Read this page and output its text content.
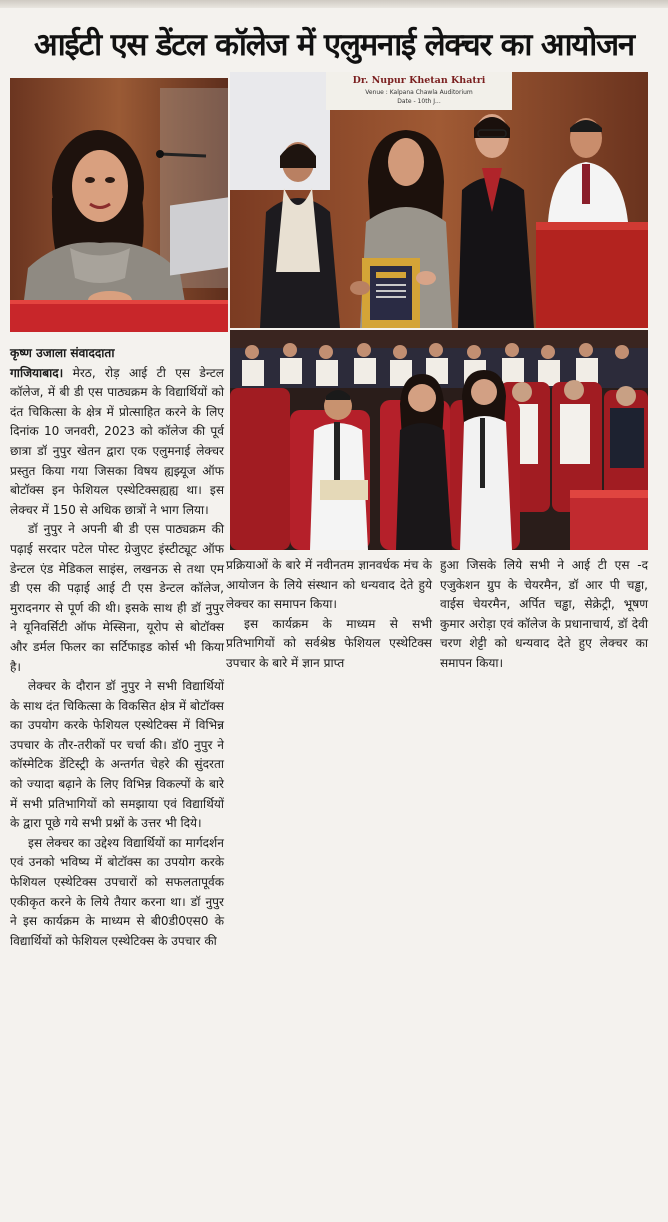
आईटी एस डेंटल कॉलेज में एलुमनाई लेक्चर का आयोजन
Dr. Nupur Khetan Khatri
Venue : Kalpana Chawla Auditorium
Date - 10th J...

कृष्ण उजाला संवाददाता
गाजियाबाद। मेरठ, रोड़ आई टी एस डेन्टल कॉलेज, में बी डी एस पाठ्यक्रम के विद्यार्थियों को दंत चिकित्सा के क्षेत्र में प्रोत्साहित करने के लिए दिनांक 10 जनवरी, 2023 को कॉलेज की पूर्व छात्रा डॉ नुपुर खेतन द्वारा एक एलुमनाई लेक्चर प्रस्तुत किया गया जिसका विषय ह्यझ्यूज ऑफ बोटॉक्स इन फेशियल एस्थेटिक्सह्यह्य था। इस लेक्चर में 150 से अधिक छात्रों ने भाग लिया।

डॉ नुपुर ने अपनी बी डी एस पाठ्यक्रम की पढ़ाई सरदार पटेल पोस्ट ग्रेजुएट इंस्टीट्यूट ऑफ डेन्टल एंड मेडिकल साइंस, लखनऊ से तथा एम डी एस की पढ़ाई आई टी एस डेन्टल कॉलेज, मुरादनगर से पूर्ण की थी। इसके साथ ही डॉ नुपुर ने यूनिवर्सिटी ऑफ मेस्सिना, यूरोप से बोटॉक्स और डर्मल फिलर का सर्टिफाइड कोर्स भी किया है।

लेक्चर के दौरान डॉ नुपुर ने सभी विद्यार्थियों के साथ दंत चिकित्सा के विकसित क्षेत्र में बोटॉक्स का उपयोग करके फेशियल एस्थेटिक्स में विभिन्न उपचार के तौर-तरीकों पर चर्चा की। डॉ0 नुपुर ने कॉस्मेटिक डेंटिस्ट्री के अन्तर्गत चेहरे की सुंदरता को ज्यादा बढ़ाने के लिए विभिन्न विकल्पों के बारे में सभी प्रतिभागियों को समझाया एवं विद्यार्थियों के द्वारा पूछे गये सभी प्रश्नों के उत्तर भी दिये।

इस लेक्चर का उद्देश्य विद्यार्थियों का मार्गदर्शन एवं उनको भविष्य में बोटॉक्स का उपयोग करके फेशियल एस्थेटिक्स उपचारों को सफलतापूर्वक एकीकृत करने के लिये तैयार करना था। डॉ नुपुर ने इस कार्यक्रम के माध्यम से बी0डी0एस0 के विद्यार्थियों को फेशियल एस्थेटिक्स के उपचार की

प्रक्रियाओं के बारे में नवीनतम ज्ञानवर्धक मंच के आयोजन के लिये संस्थान को धन्यवाद देते हुये लेक्चर का समापन किया।

इस कार्यक्रम के माध्यम से सभी प्रतिभागियों को सर्वश्रेष्ठ फेशियल एस्थेटिक्स उपचार के बारे में ज्ञान प्राप्त

हुआ जिसके लिये सभी ने आई टी एस -द एजुकेशन ग्रुप के चेयरमैन, डॉ आर पी चड्ढा, वाईस चेयरमैन, अर्पित चड्ढा, सेक्रेट्री, भूषण कुमार अरोड़ा एवं कॉलेज के प्रधानाचार्य, डॉ देवी चरण शेट्टी को धन्यवाद देते हुए लेक्चर का समापन किया।
